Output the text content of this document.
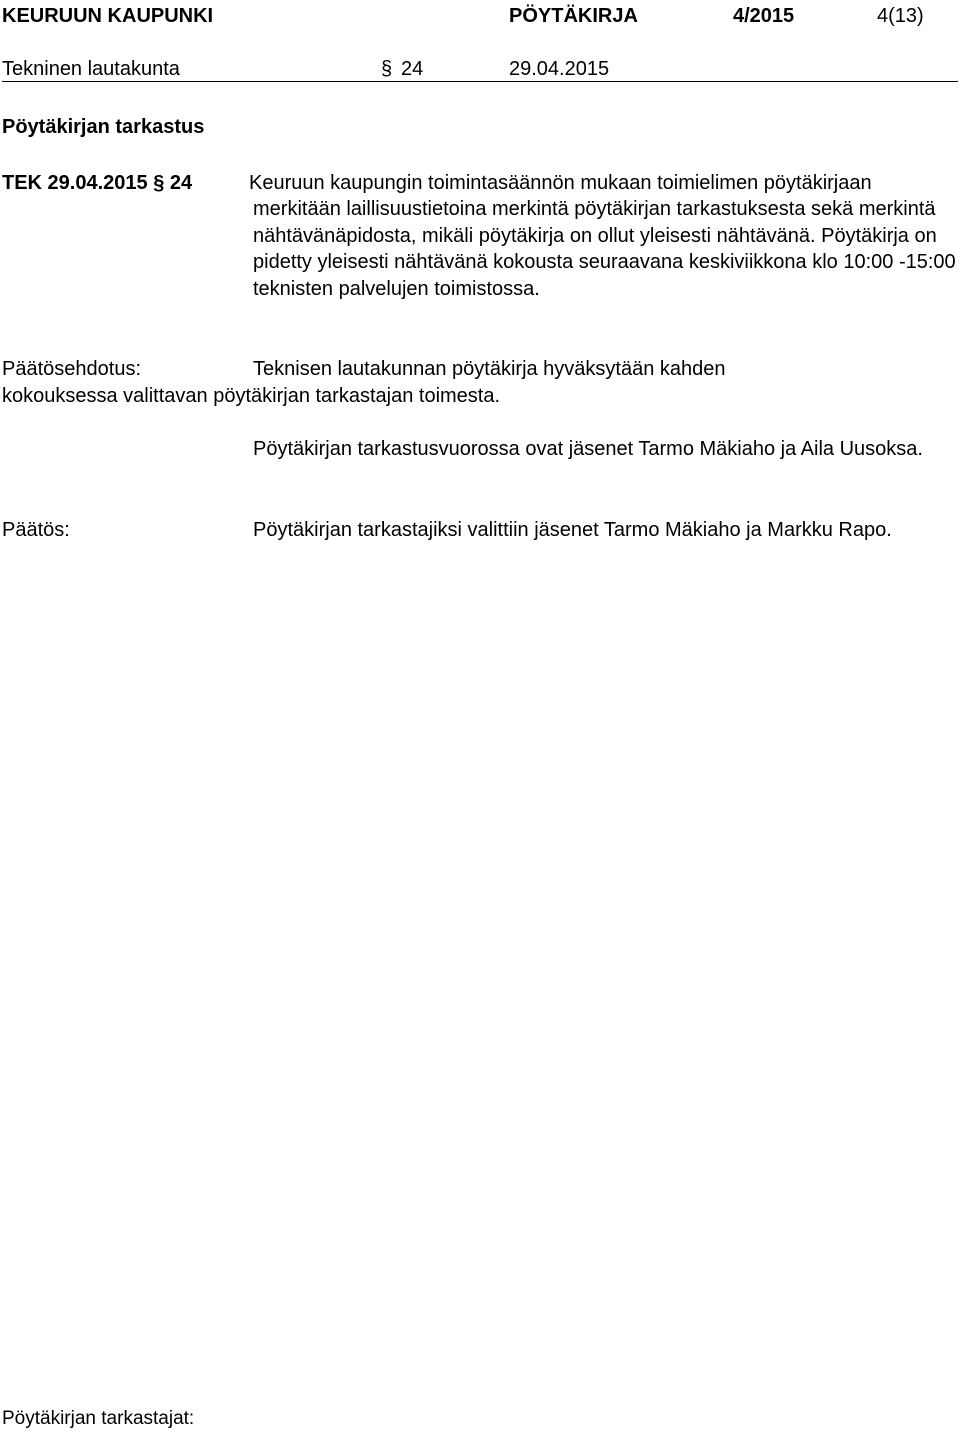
KEURUUN KAUPUNKI	PÖYTÄKIRJA	4/2015	4(13)
Tekninen lautakunta	§ 24	29.04.2015
Pöytäkirjan tarkastus
TEK 29.04.2015 § 24	Keuruun kaupungin toimintasäännön mukaan toimielimen pöytäkirjaan merkitään laillisuustietoina merkintä pöytäkirjan tarkastuksesta sekä merkintä nähtävänäpidosta, mikäli pöytäkirja on ollut yleisesti nähtävänä. Pöytäkirja on pidetty yleisesti nähtävänä kokousta seuraavana keskiviikkona klo 10:00 -15:00 teknisten palvelujen toimistossa.
Päätösehdotus:	Teknisen lautakunnan pöytäkirja hyväksytään kahden
kokouksessa valittavan pöytäkirjan tarkastajan toimesta.
Pöytäkirjan tarkastusvuorossa ovat jäsenet Tarmo Mäkiaho ja Aila Uusoksa.
Päätös:	Pöytäkirjan tarkastajiksi valittiin jäsenet Tarmo Mäkiaho ja Markku Rapo.
Pöytäkirjan tarkastajat:
